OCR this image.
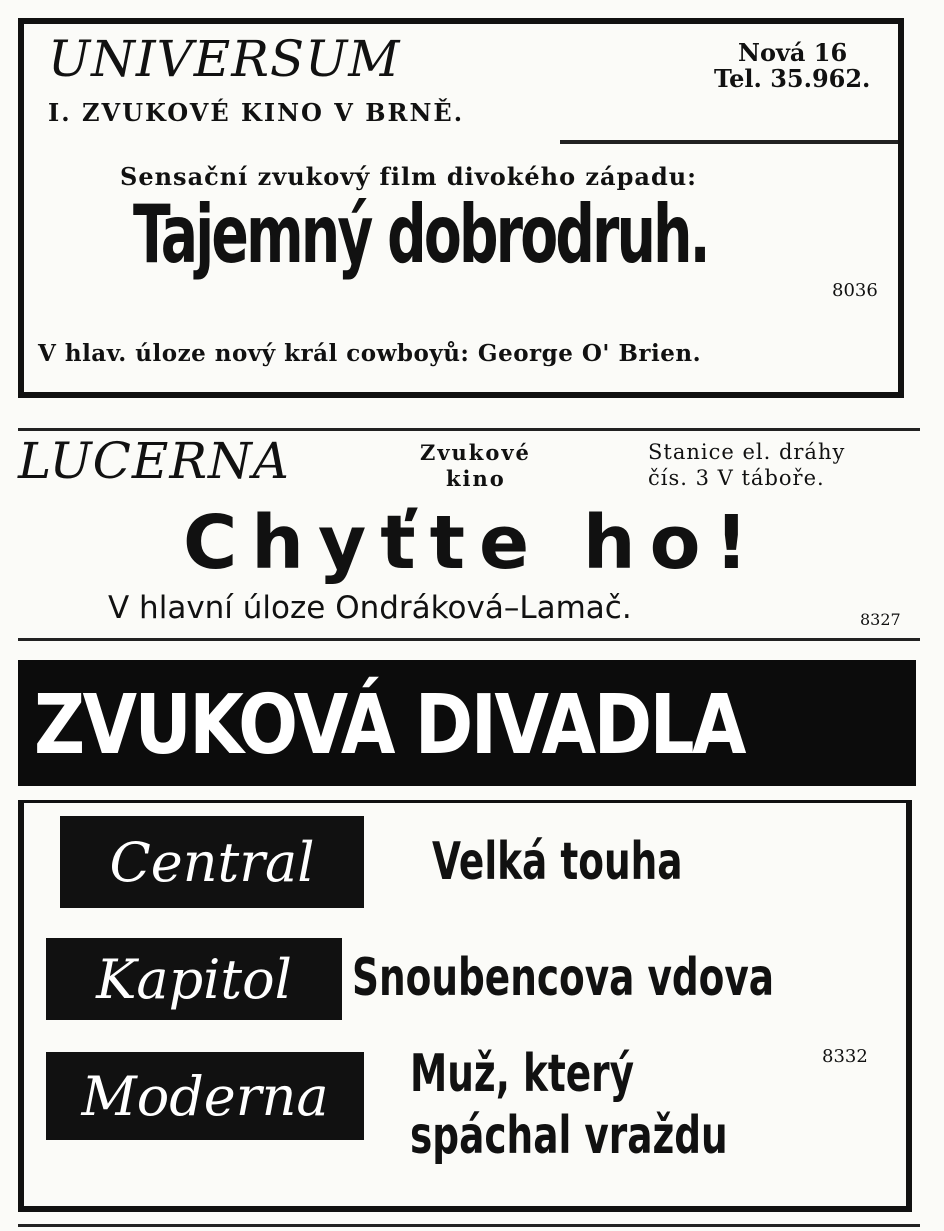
UNIVERSUM
I. ZVUKOVÉ KINO V BRNĚ.
Nová 16
Tel. 35.962.
Sensační zvukový film divokého západu:
Tajemný dobrodruh.
8036
V hlav. úloze nový král cowboyů: George O' Brien.
LUCERNA	Zvukové
kino
Stanice el. dráhy
čís. 3 V táboře.
Chyťte ho!
V hlavní úloze Ondráková–Lamač.	8327
ZVUKOVÁ DIVADLA
Central Velká touha
Kapitol Snoubencova vdova
Moderna Muž, který
spáchal vraždu
8332
